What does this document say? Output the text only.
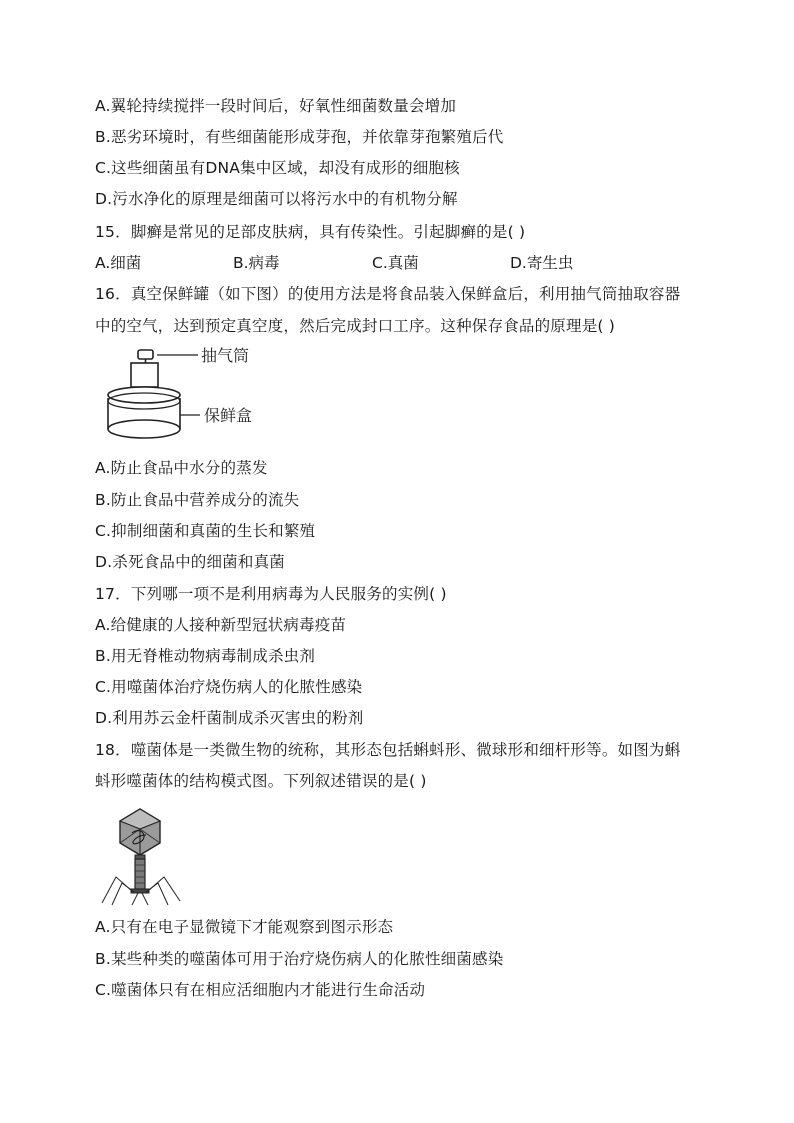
A.翼轮持续搅拌一段时间后，好氧性细菌数量会增加
B.恶劣环境时，有些细菌能形成芽孢，并依靠芽孢繁殖后代
C.这些细菌虽有DNA集中区域，却没有成形的细胞核
D.污水净化的原理是细菌可以将污水中的有机物分解
15．脚癣是常见的足部皮肤病，具有传染性。引起脚癣的是( )
A.细菌	B.病毒	C.真菌	D.寄生虫
16．真空保鲜罐（如下图）的使用方法是将食品装入保鲜盒后，利用抽气筒抽取容器
中的空气，达到预定真空度，然后完成封口工序。这种保存食品的原理是( )
抽气筒
保鲜盒
A.防止食品中水分的蒸发
B.防止食品中营养成分的流失
C.抑制细菌和真菌的生长和繁殖
D.杀死食品中的细菌和真菌
17．下列哪一项不是利用病毒为人民服务的实例( )
A.给健康的人接种新型冠状病毒疫苗
B.用无脊椎动物病毒制成杀虫剂
C.用噬菌体治疗烧伤病人的化脓性感染
D.利用苏云金杆菌制成杀灭害虫的粉剂
18．噬菌体是一类微生物的统称，其形态包括蝌蚪形、微球形和细杆形等。如图为蝌
蚪形噬菌体的结构模式图。下列叙述错误的是( )
A.只有在电子显微镜下才能观察到图示形态
B.某些种类的噬菌体可用于治疗烧伤病人的化脓性细菌感染
C.噬菌体只有在相应活细胞内才能进行生命活动
